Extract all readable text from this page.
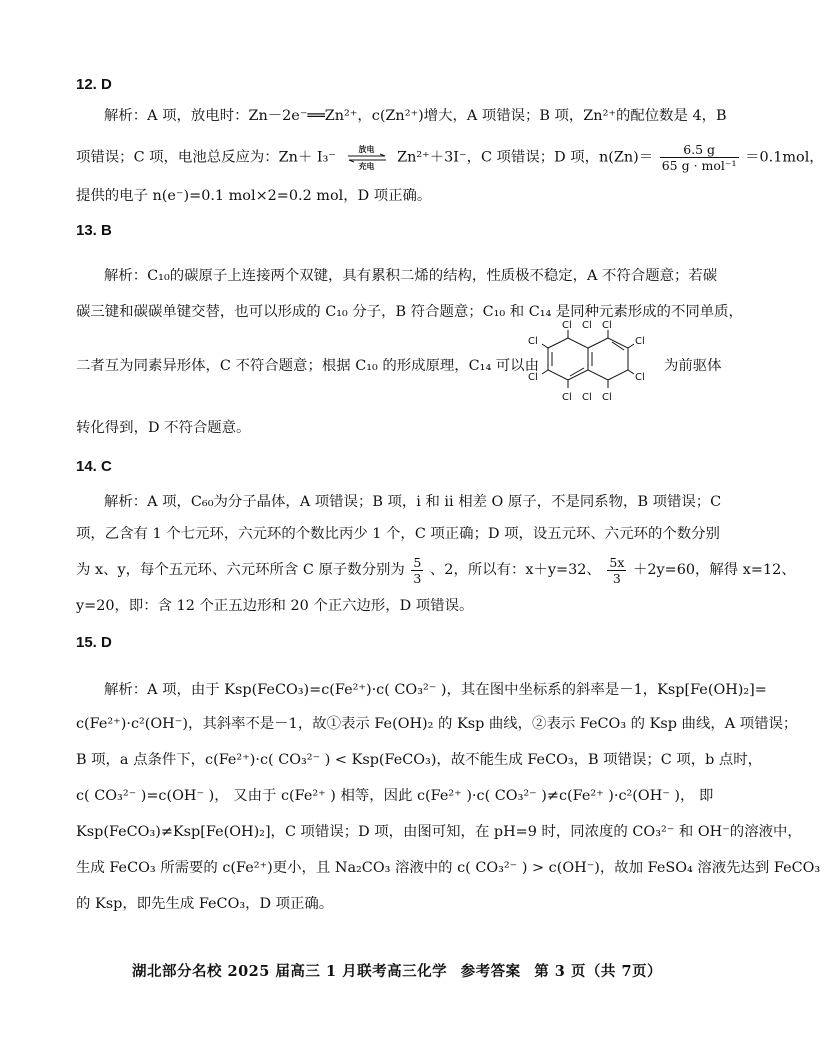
12. D
解析：A 项，放电时：Zn－2e⁻══Zn²⁺，c(Zn²⁺)增大，A 项错误；B 项，Zn²⁺的配位数是 4，B
项错误；C 项，电池总反应为：Zn＋ I₃⁻
放电
充电	Zn²⁺＋3I⁻，C 项错误；D 项，$n(Zn)= \frac{6.5 g}{\text{65 g · mol⁻¹}} =0.1mol$，
提供的电子 n(e⁻)=0.1 mol×2=0.2 mol，D 项正确。
13. B
解析：C₁₀的碳原子上连接两个双键，具有累积二烯的结构，性质极不稳定，A 不符合题意；若碳
碳三键和碳碳单键交替，也可以形成的 C₁₀ 分子，B 符合题意；C₁₀ 和 C₁₄ 是同种元素形成的不同单质，
二者互为同素异形体，C 不符合题意；根据 C₁₀ 的形成原理，C₁₄ 可以由	为前驱体
Cl	Cl
Cl
Cl
Cl
Cl
Cl
Cl Cl Cl
转化得到，D 不符合题意。
14. C
解析：A 项，C₆₀为分子晶体，A 项错误；B 项，i 和 ii 相差 O 原子，不是同系物，B 项错误；C
项，乙含有 1 个七元环，六元环的个数比丙少 1 个，C 项正确；D 项，设五元环、六元环的个数分别
为 x、y，每个五元环、六元环所含 C 原子数分别为 $\frac{5}{3}$ 、2，所以有：x＋y=32、 $\frac{5x}{3} +2y=60$，解得 x=12、
y=20，即：含 12 个正五边形和 20 个正六边形，D 项错误。
15. D
解析：A 项，由于 Ksp(FeCO₃)=c(Fe²⁺)·c( CO₃²⁻ )，其在图中坐标系的斜率是－1，Ksp[Fe(OH)₂]=
c(Fe²⁺)·c²(OH⁻)，其斜率不是－1，故①表示 Fe(OH)₂ 的 Ksp 曲线，②表示 FeCO₃ 的 Ksp 曲线，A 项错误；
B 项，a 点条件下，c(Fe²⁺)·c( CO₃²⁻ ) < Ksp(FeCO₃)，故不能生成 FeCO₃，B 项错误；C 项，b 点时，
c( CO₃²⁻ )=c(OH⁻ )， 又由于 c(Fe²⁺ ) 相等，因此 c(Fe²⁺ )·c( CO₃²⁻ )≠c(Fe²⁺ )·c²(OH⁻ )， 即
Ksp(FeCO₃)≠Ksp[Fe(OH)₂]，C 项错误；D 项，由图可知，在 pH=9 时，同浓度的 CO₃²⁻ 和 OH⁻的溶液中，
生成 FeCO₃ 所需要的 c(Fe²⁺)更小，且 Na₂CO₃ 溶液中的 c( CO₃²⁻ ) > c(OH⁻)，故加 FeSO₄ 溶液先达到 FeCO₃
的 Ksp，即先生成 FeCO₃，D 项正确。
湖北部分名校 2025 届高三 1 月联考高三化学 参考答案 第 3 页（共 7页）
